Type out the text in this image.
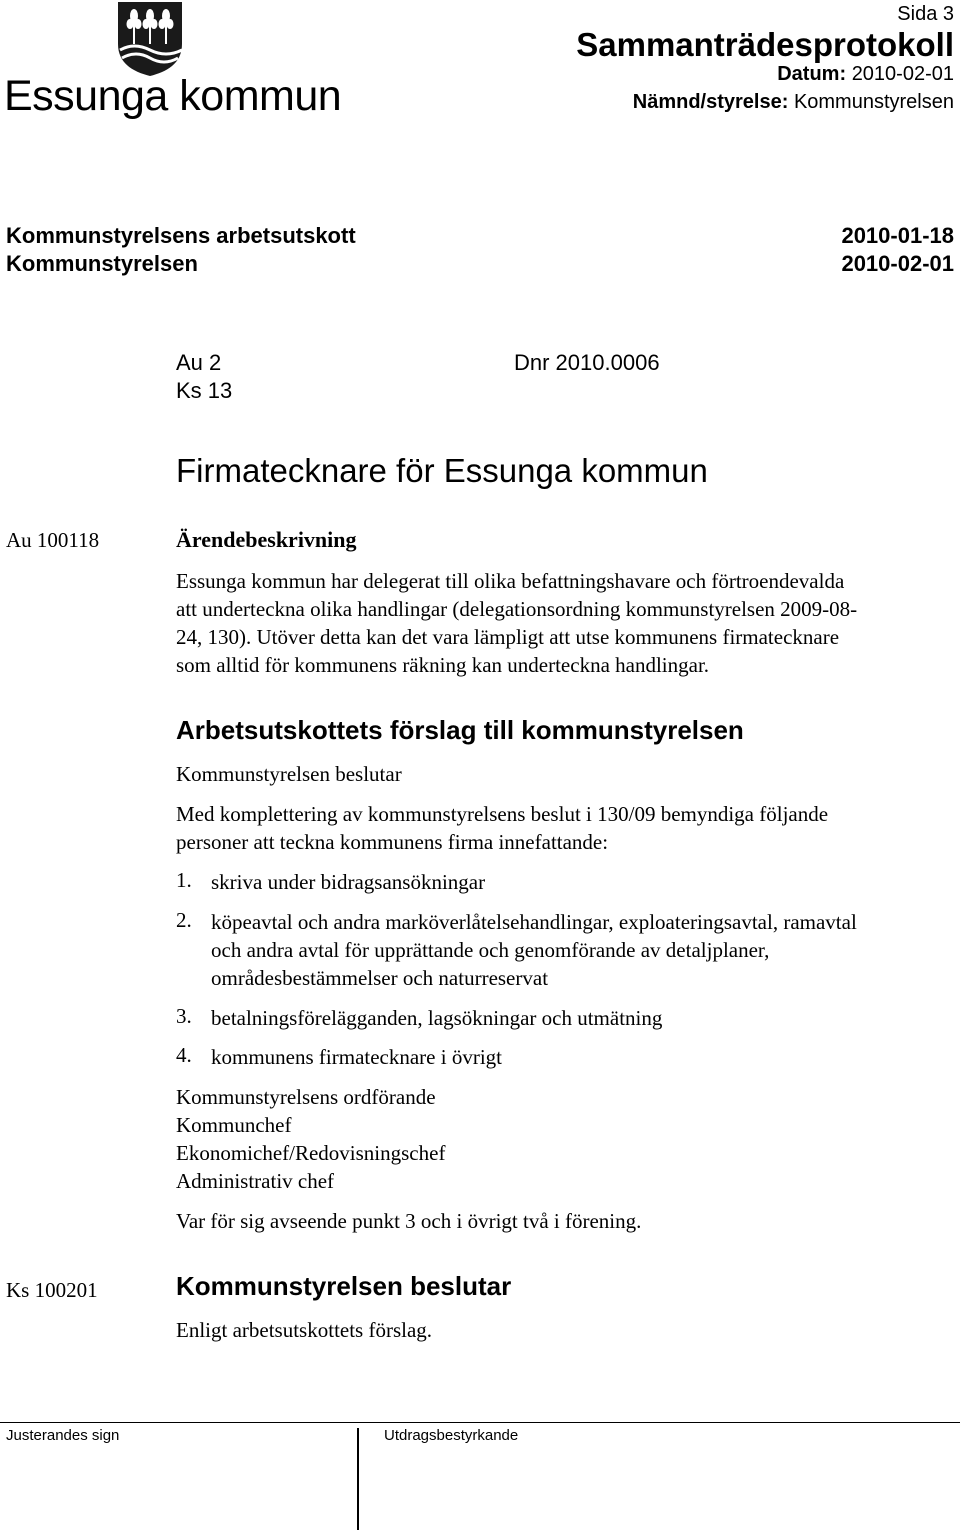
Essunga kommun
Sida 3
Sammanträdesprotokoll
Datum: 2010-02-01
Nämnd/styrelse: Kommunstyrelsen
Kommunstyrelsens arbetsutskott	2010-01-18
Kommunstyrelsen	2010-02-01
Au 2	Dnr 2010.0006
Ks 13
Firmatecknare för Essunga kommun
Au 100118	Ärendebeskrivning
Essunga kommun har delegerat till olika befattningshavare och förtroendevalda
att underteckna olika handlingar (delegationsordning kommunstyrelsen 2009-08-
24, 130). Utöver detta kan det vara lämpligt att utse kommunens firmatecknare
som alltid för kommunens räkning kan underteckna handlingar.
Arbetsutskottets förslag till kommunstyrelsen
Kommunstyrelsen beslutar
Med komplettering av kommunstyrelsens beslut i 130/09 bemyndiga följande
personer att teckna kommunens firma innefattande:
1. skriva under bidragsansökningar
2. köpeavtal och andra marköverlåtelsehandlingar, exploateringsavtal, ramavtal
och andra avtal för upprättande och genomförande av detaljplaner,
områdesbestämmelser och naturreservat
3. betalningsförelägganden, lagsökningar och utmätning
4. kommunens firmatecknare i övrigt
Kommunstyrelsens ordförande
Kommunchef
Ekonomichef/Redovisningschef
Administrativ chef
Var för sig avseende punkt 3 och i övrigt två i förening.
Ks 100201	Kommunstyrelsen beslutar
Enligt arbetsutskottets förslag.
Justerandes sign	Utdragsbestyrkande
